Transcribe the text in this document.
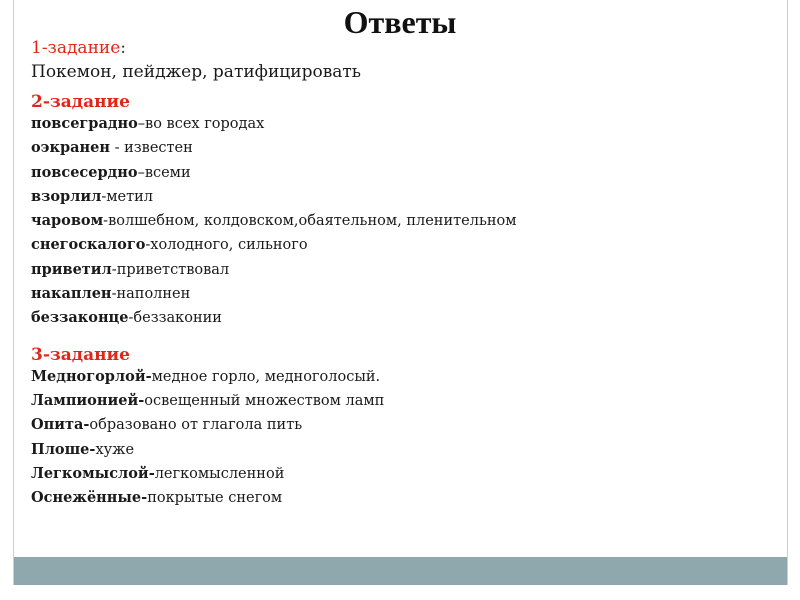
Ответы
1-задание:
Покемон, пейджер, ратифицировать
2-задание
повсеградно–во всех городах
оэкранен - известен
повсесердно–всеми
взорлил-метил
чаровом-волшебном, колдовском,обаятельном, пленительном
снегоскалого-холодного, сильного
приветил-приветствовал
накаплен-наполнен
беззаконце-беззаконии
3-задание
Медногорлой-медное горло, медноголосый.
Лампионией-освещенный множеством ламп
Опита-образовано от глагола пить
Плоше-хуже
Легкомыслой-легкомысленной
Оснежённые-покрытые снегом
